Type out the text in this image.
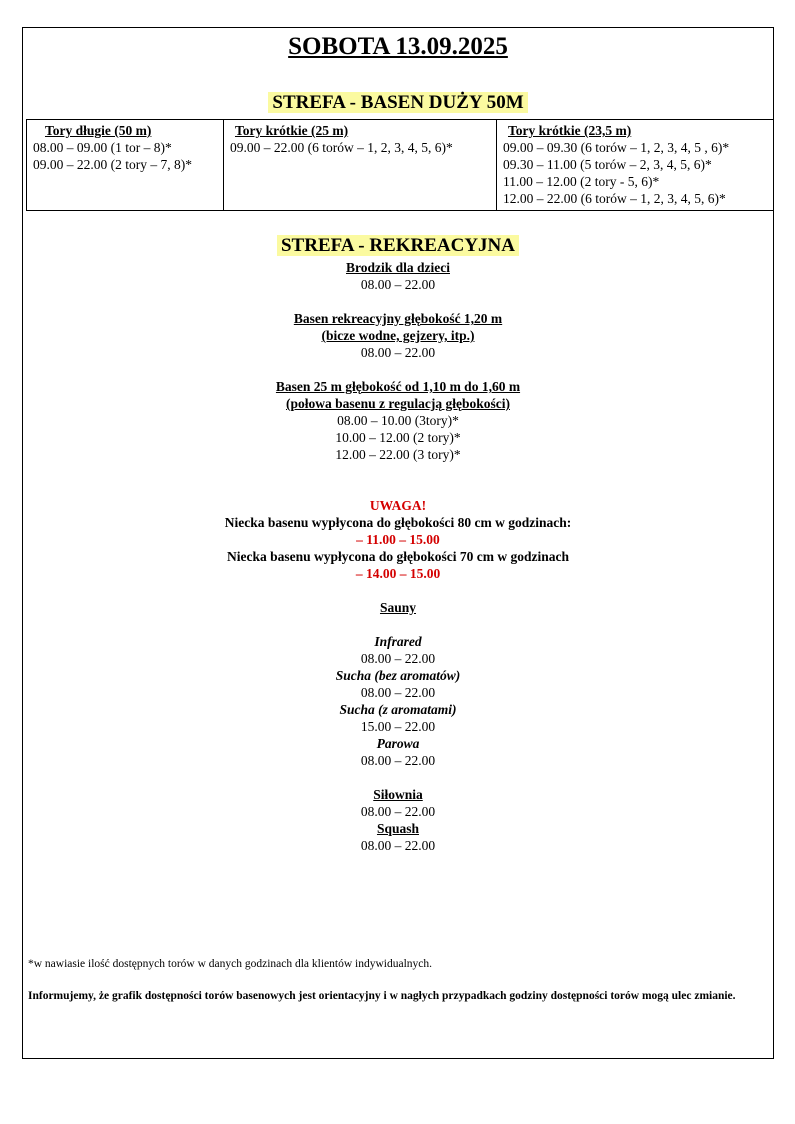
SOBOTA 13.09.2025
STREFA - BASEN DUŻY 50M
Tory długie (50 m)
08.00 – 09.00 (1 tor – 8)*
09.00 – 22.00 (2 tory – 7, 8)*

Tory krótkie (25 m)
09.00 – 22.00 (6 torów – 1, 2, 3, 4, 5, 6)*

Tory krótkie (23,5 m)
09.00 – 09.30 (6 torów – 1, 2, 3, 4, 5 , 6)*
09.30 – 11.00 (5 torów – 2, 3, 4, 5, 6)*
11.00 – 12.00 (2 tory - 5, 6)*
12.00 – 22.00 (6 torów – 1, 2, 3, 4, 5, 6)*
STREFA - REKREACYJNA
Brodzik dla dzieci
08.00 – 22.00
Basen rekreacyjny głębokość 1,20 m
(bicze wodne, gejzery, itp.)
08.00 – 22.00
Basen 25 m głębokość od 1,10 m do 1,60 m
(połowa basenu z regulacją głębokości)
08.00 – 10.00 (3tory)*
10.00 – 12.00 (2 tory)*
12.00 – 22.00 (3 tory)*
UWAGA!
Niecka basenu wypłycona do głębokości 80 cm w godzinach:
– 11.00 – 15.00
Niecka basenu wypłycona do głębokości 70 cm w godzinach
– 14.00 – 15.00
Sauny
Infrared
08.00 – 22.00
Sucha (bez aromatów)
08.00 – 22.00
Sucha (z aromatami)
15.00 – 22.00
Parowa
08.00 – 22.00
Siłownia
08.00 – 22.00
Squash
08.00 – 22.00
*w nawiasie ilość dostępnych torów w danych godzinach dla klientów indywidualnych.
Informujemy, że grafik dostępności torów basenowych jest orientacyjny i w nagłych przypadkach godziny dostępności torów mogą ulec zmianie.
